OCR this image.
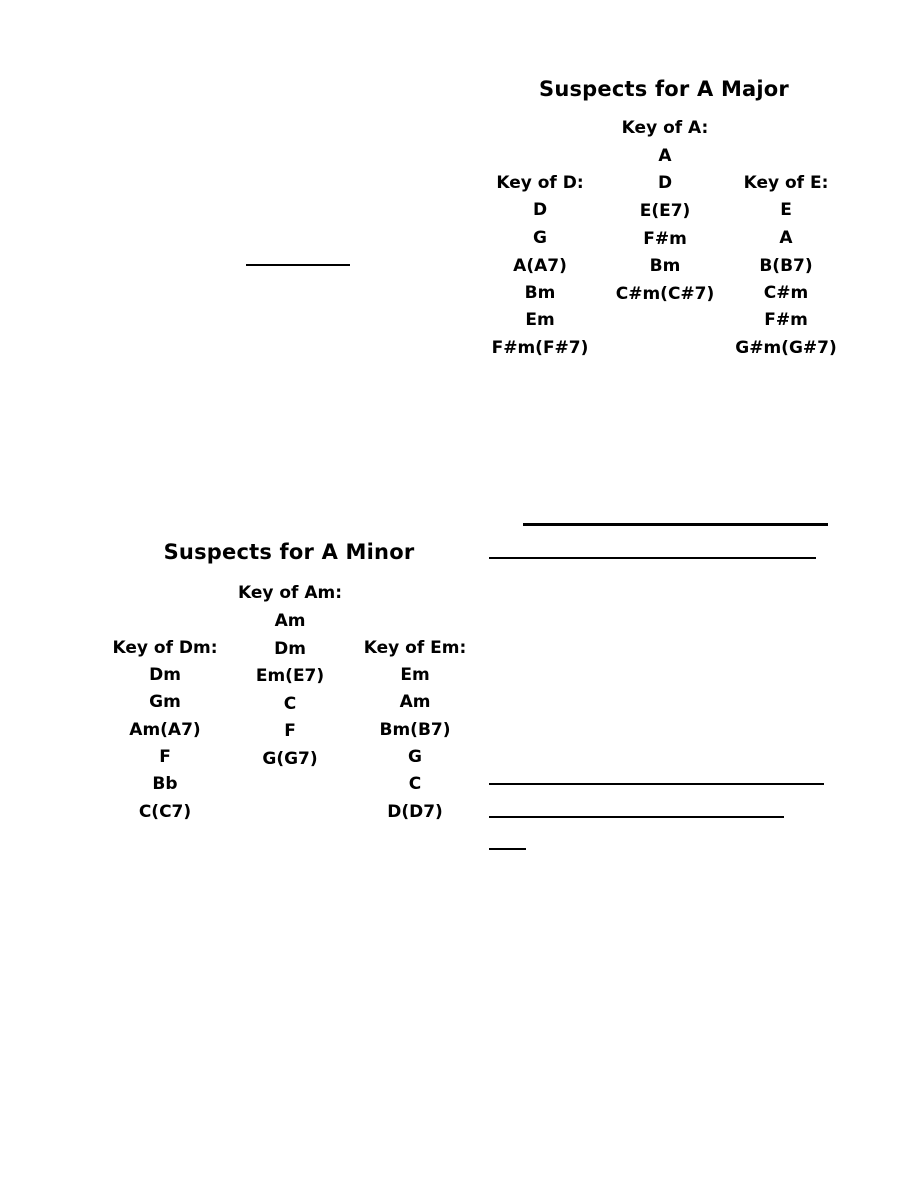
Suspects for A Major
Key of A:
A
D
E(E7)
F#m
Bm
C#m(C#7)
Key of D:
D
G
A(A7)
Bm
Em
F#m(F#7)
Key of E:
E
A
B(B7)
C#m
F#m
G#m(G#7)
Suspects for A Minor
Key of Am:
Am
Dm
Em(E7)
C
F
G(G7)
Key of Dm:
Dm
Gm
Am(A7)
F
Bb
C(C7)
Key of Em:
Em
Am
Bm(B7)
G
C
D(D7)
